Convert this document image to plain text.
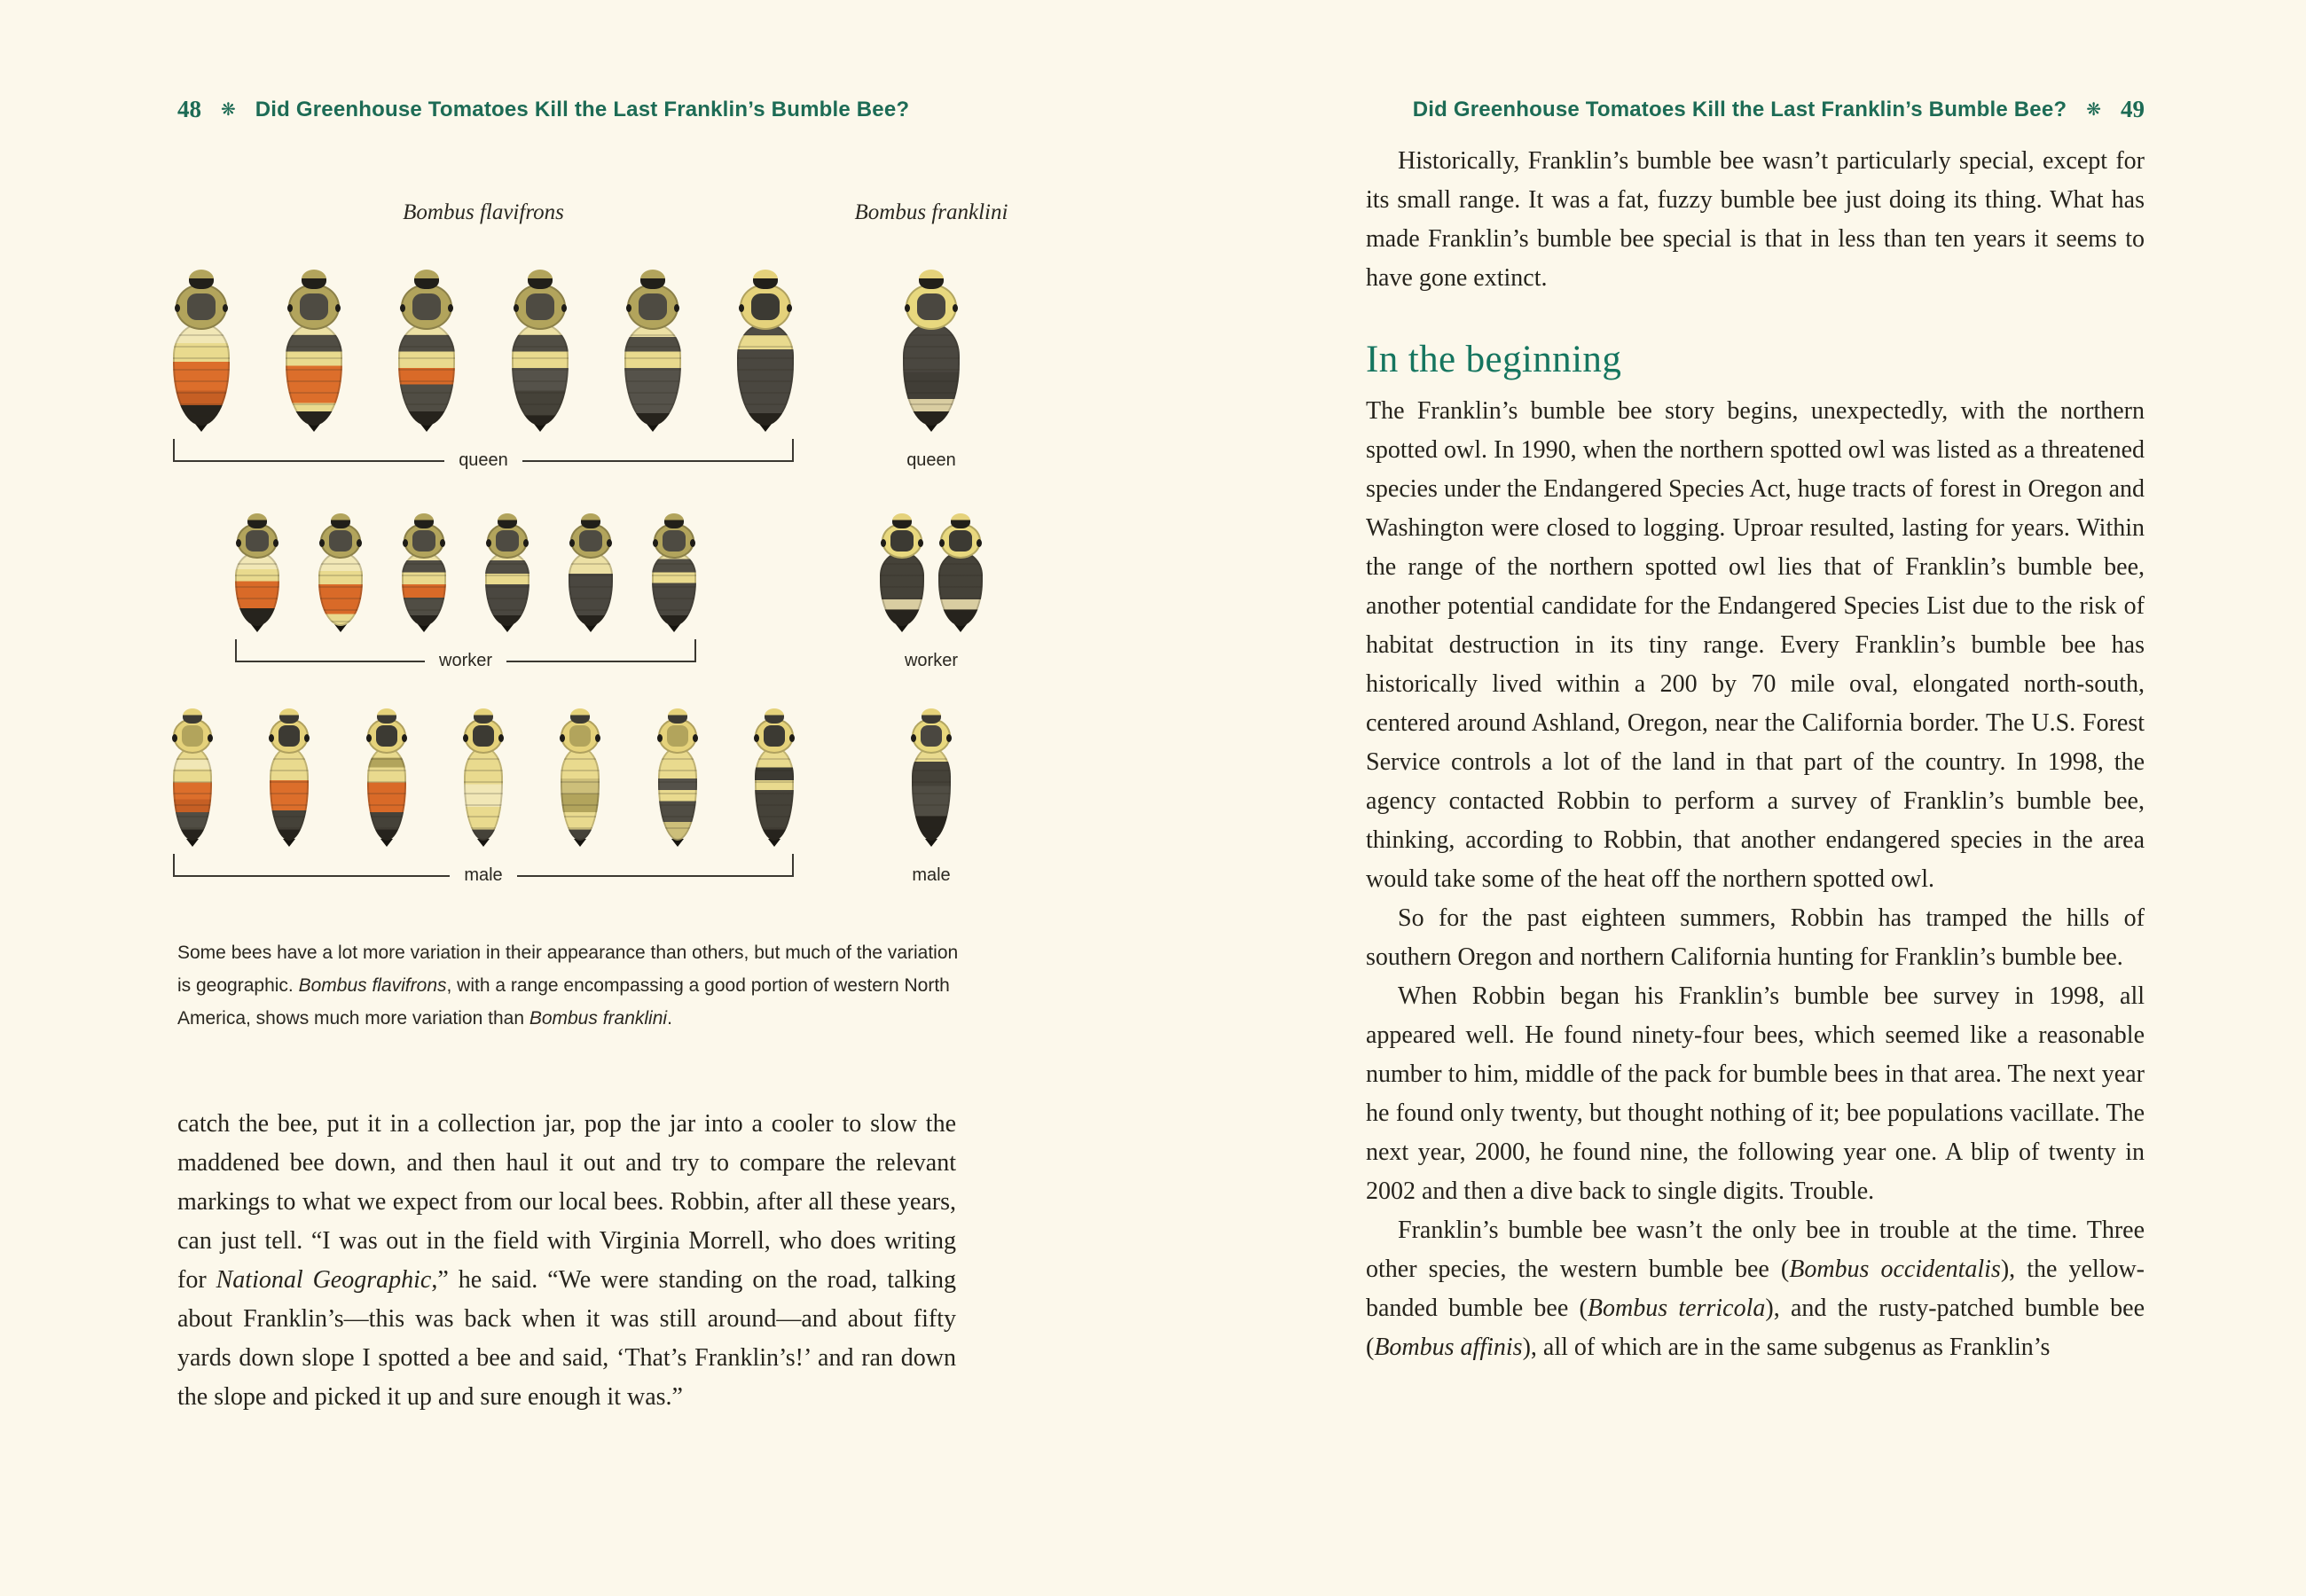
48 ❋ Did Greenhouse Tomatoes Kill the Last Franklin’s Bumble Bee?
Bombus flavifrons	Bombus franklini
queen	queen
worker	worker
male	male
Some bees have a lot more variation in their appearance than others, but much of the variation is geographic. Bombus flavifrons, with a range encompassing a good portion of western North America, shows much more variation than Bombus franklini.

catch the bee, put it in a collection jar, pop the jar into a cooler to slow the maddened bee down, and then haul it out and try to compare the relevant markings to what we expect from our local bees. Robbin, after all these years, can just tell. “I was out in the field with Virginia Morrell, who does writing for National Geographic,” he said. “We were standing on the road, talking about Franklin’s—this was back when it was still around—and about fifty yards down slope I spotted a bee and said, ‘That’s Franklin’s!’ and ran down the slope and picked it up and sure enough it was.”

Did Greenhouse Tomatoes Kill the Last Franklin’s Bumble Bee? ❋ 49

Historically, Franklin’s bumble bee wasn’t particularly special, except for its small range. It was a fat, fuzzy bumble bee just doing its thing. What has made Franklin’s bumble bee special is that in less than ten years it seems to have gone extinct.

In the beginning

The Franklin’s bumble bee story begins, unexpectedly, with the northern spotted owl. In 1990, when the northern spotted owl was listed as a threatened species under the Endangered Species Act, huge tracts of forest in Oregon and Washington were closed to logging. Uproar resulted, lasting for years. Within the range of the northern spotted owl lies that of Franklin’s bumble bee, another potential candidate for the Endangered Species List due to the risk of habitat destruction in its tiny range. Every Franklin’s bumble bee has historically lived within a 200 by 70 mile oval, elongated north-south, centered around Ashland, Oregon, near the California border. The U.S. Forest Service controls a lot of the land in that part of the country. In 1998, the agency contacted Robbin to perform a survey of Franklin’s bumble bee, thinking, according to Robbin, that another endangered species in the area would take some of the heat off the northern spotted owl.

So for the past eighteen summers, Robbin has tramped the hills of southern Oregon and northern California hunting for Franklin’s bumble bee.

When Robbin began his Franklin’s bumble bee survey in 1998, all appeared well. He found ninety-four bees, which seemed like a reasonable number to him, middle of the pack for bumble bees in that area. The next year he found only twenty, but thought nothing of it; bee populations vacillate. The next year, 2000, he found nine, the following year one. A blip of twenty in 2002 and then a dive back to single digits. Trouble.

Franklin’s bumble bee wasn’t the only bee in trouble at the time. Three other species, the western bumble bee (Bombus occidentalis), the yellow-banded bumble bee (Bombus terricola), and the rusty-patched bumble bee (Bombus affinis), all of which are in the same subgenus as Franklin’s
